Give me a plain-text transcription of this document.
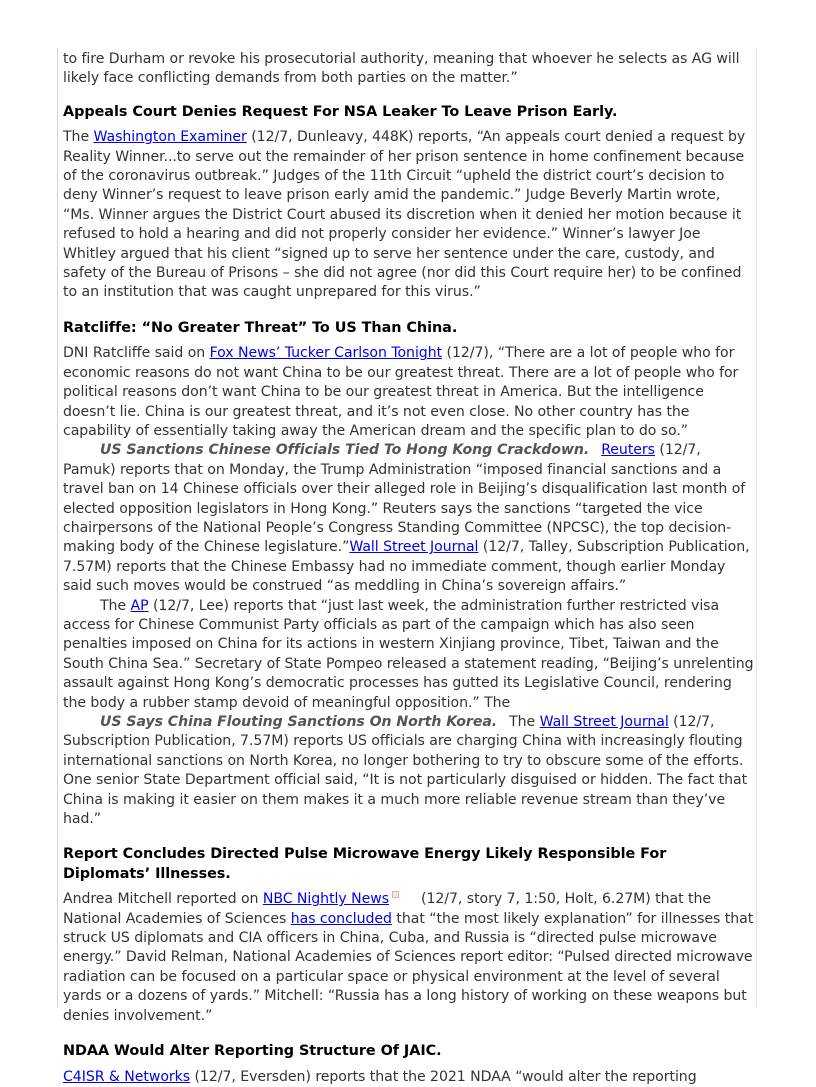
to fire Durham or revoke his prosecutorial authority, meaning that whoever he selects as AG will likely face conflicting demands from both parties on the matter.”

Appeals Court Denies Request For NSA Leaker To Leave Prison Early.

The Washington Examiner (12/7, Dunleavy, 448K) reports, “An appeals court denied a request by Reality Winner...to serve out the remainder of her prison sentence in home confinement because of the coronavirus outbreak.” Judges of the 11th Circuit “upheld the district court’s decision to deny Winner’s request to leave prison early amid the pandemic.” Judge Beverly Martin wrote, “Ms. Winner argues the District Court abused its discretion when it denied her motion because it refused to hold a hearing and did not properly consider her evidence.” Winner’s lawyer Joe Whitley argued that his client “signed up to serve her sentence under the care, custody, and safety of the Bureau of Prisons – she did not agree (nor did this Court require her) to be confined to an institution that was caught unprepared for this virus.”

Ratcliffe: “No Greater Threat” To US Than China.

DNI Ratcliffe said on Fox News’ Tucker Carlson Tonight (12/7), “There are a lot of people who for economic reasons do not want China to be our greatest threat. There are a lot of people who for political reasons don’t want China to be our greatest threat in America. But the intelligence doesn’t lie. China is our greatest threat, and it’s not even close. No other country has the capability of essentially taking away the American dream and the specific plan to do so.”

US Sanctions Chinese Officials Tied To Hong Kong Crackdown. Reuters (12/7, Pamuk) reports that on Monday, the Trump Administration “imposed financial sanctions and a travel ban on 14 Chinese officials over their alleged role in Beijing’s disqualification last month of elected opposition legislators in Hong Kong.” Reuters says the sanctions “targeted the vice chairpersons of the National People’s Congress Standing Committee (NPCSC), the top decision-making body of the Chinese legislature.”Wall Street Journal (12/7, Talley, Subscription Publication, 7.57M) reports that the Chinese Embassy had no immediate comment, though earlier Monday said such moves would be construed “as meddling in China’s sovereign affairs.”

The AP (12/7, Lee) reports that “just last week, the administration further restricted visa access for Chinese Communist Party officials as part of the campaign which has also seen penalties imposed on China for its actions in western Xinjiang province, Tibet, Taiwan and the South China Sea.” Secretary of State Pompeo released a statement reading, “Beijing’s unrelenting assault against Hong Kong’s democratic processes has gutted its Legislative Council, rendering the body a rubber stamp devoid of meaningful opposition.” The

US Says China Flouting Sanctions On North Korea. The Wall Street Journal (12/7, Subscription Publication, 7.57M) reports US officials are charging China with increasingly flouting international sanctions on North Korea, no longer bothering to try to obscure some of the efforts. One senior State Department official said, “It is not particularly disguised or hidden. The fact that China is making it easier on them makes it a much more reliable revenue stream than they’ve had.”

Report Concludes Directed Pulse Microwave Energy Likely Responsible For Diplomats’ Illnesses.

Andrea Mitchell reported on NBC Nightly News (12/7, story 7, 1:50, Holt, 6.27M) that the National Academies of Sciences has concluded that “the most likely explanation” for illnesses that struck US diplomats and CIA officers in China, Cuba, and Russia is “directed pulse microwave energy.” David Relman, National Academies of Sciences report editor: “Pulsed directed microwave radiation can be focused on a particular space or physical environment at the level of several yards or a dozens of yards.” Mitchell: “Russia has a long history of working on these weapons but denies involvement.”

NDAA Would Alter Reporting Structure Of JAIC.

C4ISR & Networks (12/7, Eversden) reports that the 2021 NDAA “would alter the reporting
